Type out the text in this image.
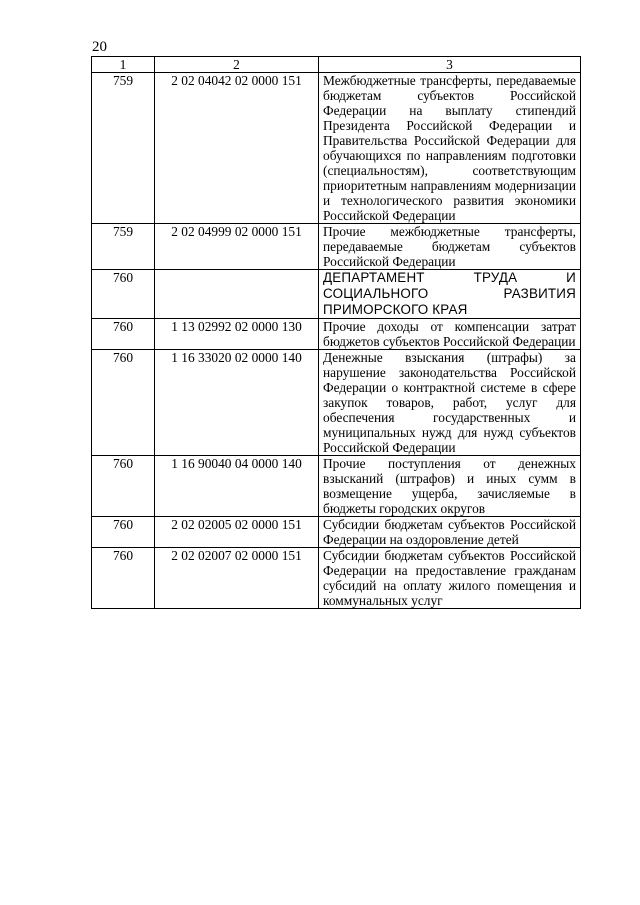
20
1	2	3
759	2 02 04042 02 0000 151	Межбюджетные трансферты, передаваемые бюджетам субъектов Российской Федерации на выплату стипендий Президента Российской Федерации и Правительства Российской Федерации для обучающихся по направлениям подготовки (специальностям), соответствующим приоритетным направлениям модернизации и технологического развития экономики Российской Федерации
759	2 02 04999 02 0000 151	Прочие межбюджетные трансферты, передаваемые бюджетам субъектов Российской Федерации
760		ДЕПАРТАМЕНТ ТРУДА И СОЦИАЛЬНОГО РАЗВИТИЯ ПРИМОРСКОГО КРАЯ
760	1 13 02992 02 0000 130	Прочие доходы от компенсации затрат бюджетов субъектов Российской Федерации
760	1 16 33020 02 0000 140	Денежные взыскания (штрафы) за нарушение законодательства Российской Федерации о контрактной системе в сфере закупок товаров, работ, услуг для обеспечения государственных и муниципальных нужд для нужд субъектов Российской Федерации
760	1 16 90040 04 0000 140	Прочие поступления от денежных взысканий (штрафов) и иных сумм в возмещение ущерба, зачисляемые в бюджеты городских округов
760	2 02 02005 02 0000 151	Субсидии бюджетам субъектов Российской Федерации на оздоровление детей
760	2 02 02007 02 0000 151	Субсидии бюджетам субъектов Российской Федерации на предоставление гражданам субсидий на оплату жилого помещения и коммунальных услуг
